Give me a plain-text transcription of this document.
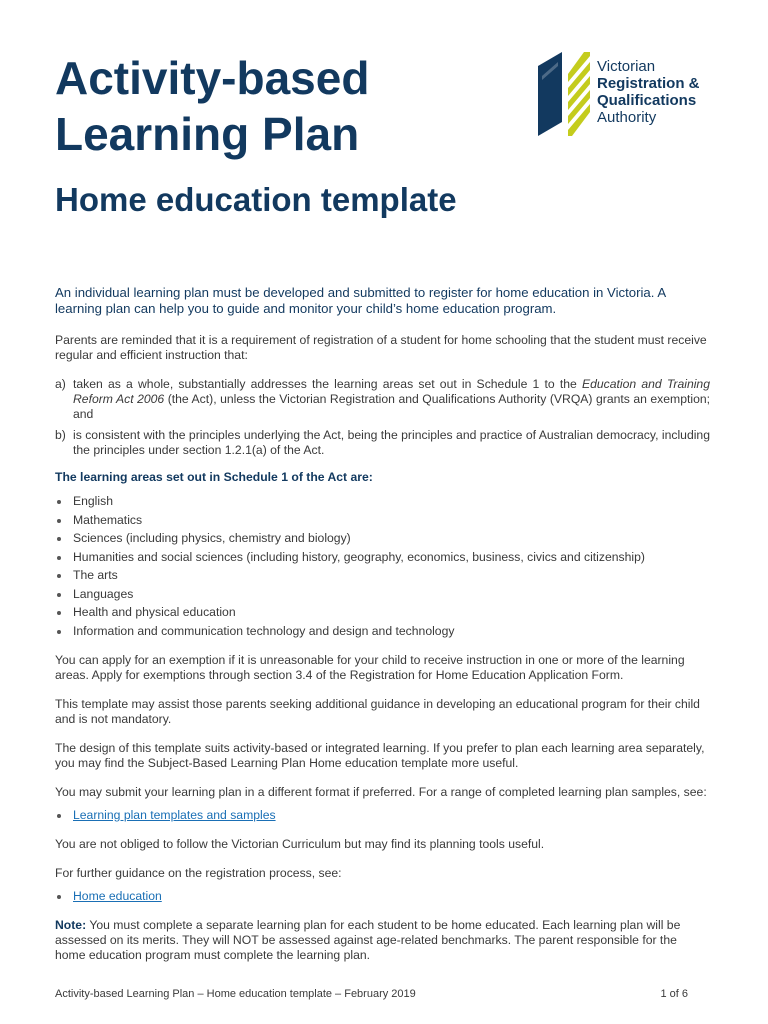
Activity-based
Learning Plan
Home education template
Victorian
Registration &
Qualifications
Authority

An individual learning plan must be developed and submitted to register for home education in Victoria. A learning plan can help you to guide and monitor your child’s home education program.

Parents are reminded that it is a requirement of registration of a student for home schooling that the student must receive regular and efficient instruction that:

a) taken as a whole, substantially addresses the learning areas set out in Schedule 1 to the Education and Training Reform Act 2006 (the Act), unless the Victorian Registration and Qualifications Authority (VRQA) grants an exemption; and
b) is consistent with the principles underlying the Act, being the principles and practice of Australian democracy, including the principles under section 1.2.1(a) of the Act.
The learning areas set out in Schedule 1 of the Act are:
English
Mathematics
Sciences (including physics, chemistry and biology)
Humanities and social sciences (including history, geography, economics, business, civics and citizenship)
The arts
Languages
Health and physical education
Information and communication technology and design and technology

You can apply for an exemption if it is unreasonable for your child to receive instruction in one or more of the learning areas. Apply for exemptions through section 3.4 of the Registration for Home Education Application Form.

This template may assist those parents seeking additional guidance in developing an educational program for their child and is not mandatory.

The design of this template suits activity-based or integrated learning. If you prefer to plan each learning area separately, you may find the Subject-Based Learning Plan Home education template more useful.

You may submit your learning plan in a different format if preferred. For a range of completed learning plan samples, see:

Learning plan templates and samples

You are not obliged to follow the Victorian Curriculum but may find its planning tools useful.

For further guidance on the registration process, see:

Home education

Note: You must complete a separate learning plan for each student to be home educated. Each learning plan will be assessed on its merits. They will NOT be assessed against age-related benchmarks. The parent responsible for the home education program must complete the learning plan.

Activity-based Learning Plan – Home education template – February 2019	1 of 6
